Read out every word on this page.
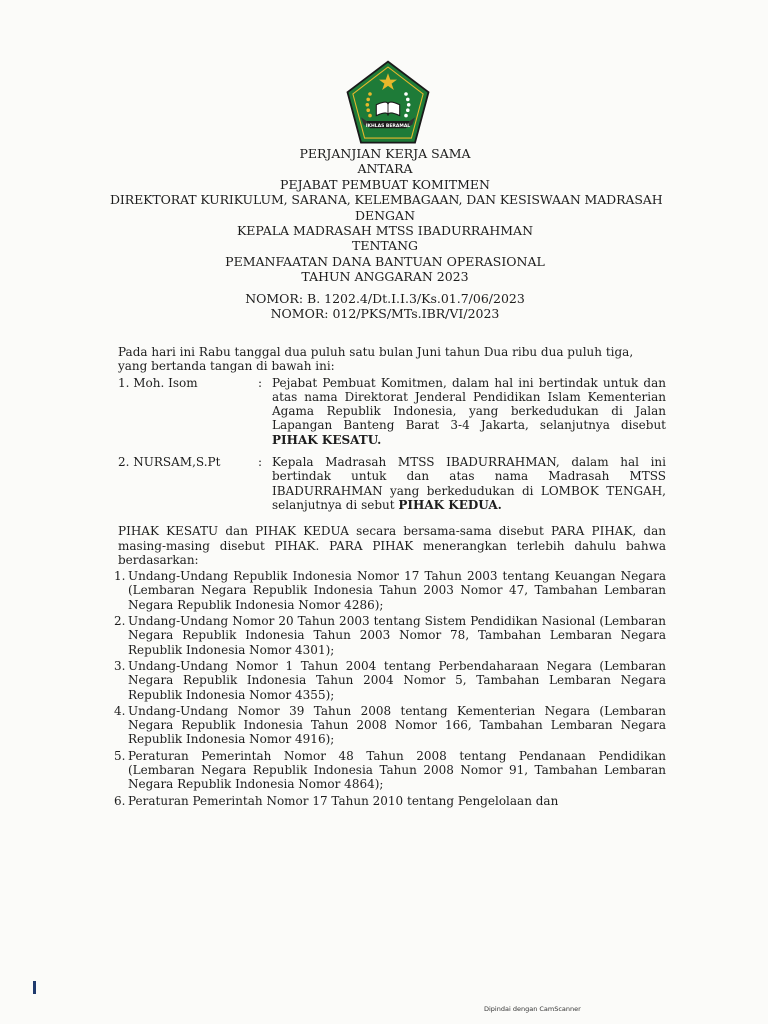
IKHLAS BERAMAL
PERJANJIAN KERJA SAMA
ANTARA
PEJABAT PEMBUAT KOMITMEN
DIREKTORAT KURIKULUM, SARANA, KELEMBAGAAN, DAN KESISWAAN MADRASAH
DENGAN
KEPALA MADRASAH MTSS IBADURRAHMAN
TENTANG
PEMANFAATAN DANA BANTUAN OPERASIONAL
TAHUN ANGGARAN 2023
NOMOR: B. 1202.4/Dt.I.I.3/Ks.01.7/06/2023
NOMOR: 012/PKS/MTs.IBR/VI/2023

Pada hari ini Rabu tanggal dua puluh satu bulan Juni tahun Dua ribu dua puluh tiga, yang bertanda tangan di bawah ini:

1. Moh. Isom	: Pejabat Pembuat Komitmen, dalam hal ini bertindak untuk dan atas nama Direktorat Jenderal Pendidikan Islam Kementerian Agama Republik Indonesia, yang berkedudukan di Jalan Lapangan Banteng Barat 3-4 Jakarta, selanjutnya disebut PIHAK KESATU.
2. NURSAM,S.Pt	: Kepala Madrasah MTSS IBADURRAHMAN, dalam hal ini bertindak untuk dan atas nama Madrasah MTSS IBADURRAHMAN yang berkedudukan di LOMBOK TENGAH, selanjutnya di sebut PIHAK KEDUA.
PIHAK KESATU dan PIHAK KEDUA secara bersama-sama disebut PARA PIHAK, dan masing-masing disebut PIHAK. PARA PIHAK menerangkan terlebih dahulu bahwa berdasarkan:
1. Undang-Undang Republik Indonesia Nomor 17 Tahun 2003 tentang Keuangan Negara (Lembaran Negara Republik Indonesia Tahun 2003 Nomor 47, Tambahan Lembaran Negara Republik Indonesia Nomor 4286);
2. Undang-Undang Nomor 20 Tahun 2003 tentang Sistem Pendidikan Nasional (Lembaran Negara Republik Indonesia Tahun 2003 Nomor 78, Tambahan Lembaran Negara Republik Indonesia Nomor 4301);
3. Undang-Undang Nomor 1 Tahun 2004 tentang Perbendaharaan Negara (Lembaran Negara Republik Indonesia Tahun 2004 Nomor 5, Tambahan Lembaran Negara Republik Indonesia Nomor 4355);
4. Undang-Undang Nomor 39 Tahun 2008 tentang Kementerian Negara (Lembaran Negara Republik Indonesia Tahun 2008 Nomor 166, Tambahan Lembaran Negara Republik Indonesia Nomor 4916);
5. Peraturan Pemerintah Nomor 48 Tahun 2008 tentang Pendanaan Pendidikan (Lembaran Negara Republik Indonesia Tahun 2008 Nomor 91, Tambahan Lembaran Negara Republik Indonesia Nomor 4864);
6. Peraturan Pemerintah Nomor 17 Tahun 2010 tentang Pengelolaan dan
Dipindai dengan CamScanner
